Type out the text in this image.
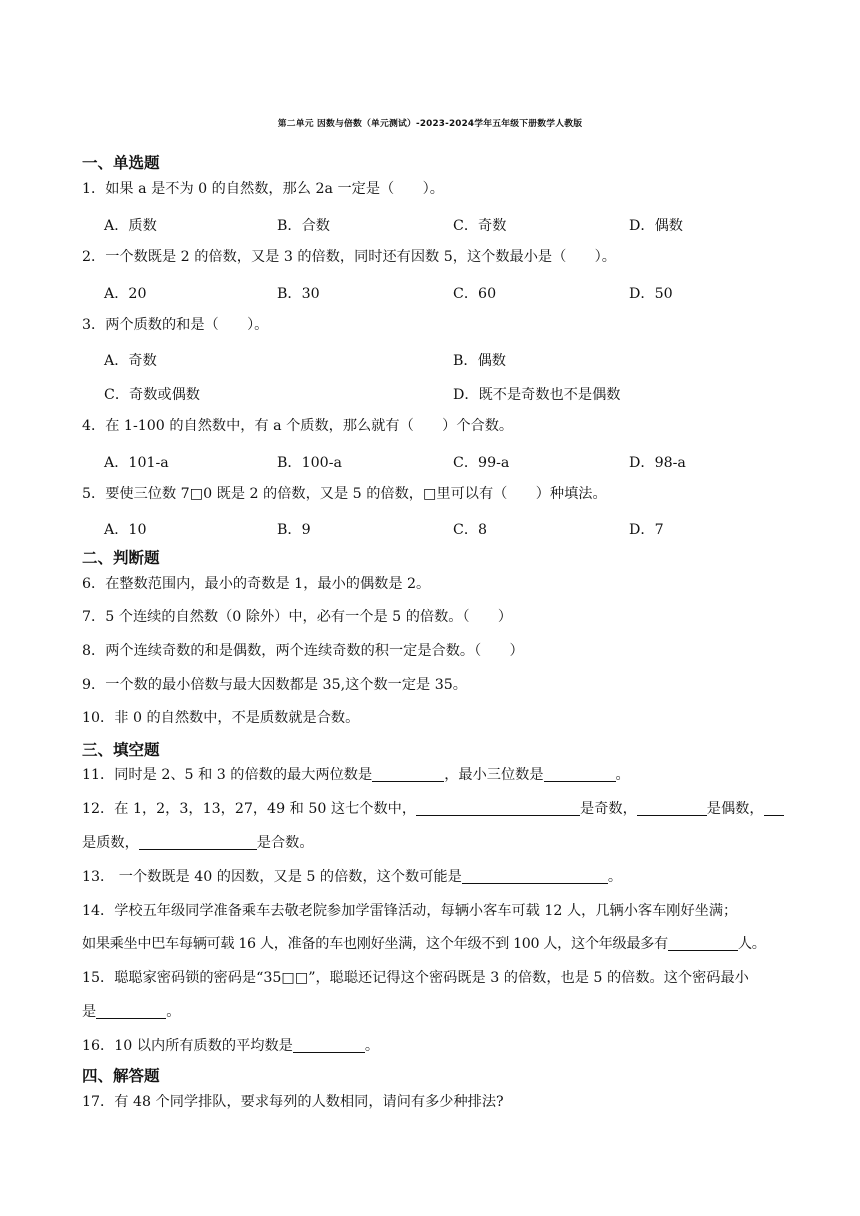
第二单元 因数与倍数（单元测试）-2023-2024学年五年级下册数学人教版
一、单选题
1．如果 a 是不为 0 的自然数，那么 2a 一定是（　　）。
A．质数	B．合数	C．奇数	D．偶数
2．一个数既是 2 的倍数，又是 3 的倍数，同时还有因数 5，这个数最小是（　　）。
A．20	B．30	C．60	D．50
3．两个质数的和是（　　）。
A．奇数	B．偶数
C．奇数或偶数	D．既不是奇数也不是偶数
4．在 1-100 的自然数中，有 a 个质数，那么就有（　　）个合数。
A．101-a	B．100-a	C．99-a	D．98-a
5．要使三位数 7□0 既是 2 的倍数，又是 5 的倍数，□里可以有（　　）种填法。
A．10	B．9	C．8	D．7
二、判断题
6．在整数范围内，最小的奇数是 1，最小的偶数是 2。
7．5 个连续的自然数（0 除外）中，必有一个是 5 的倍数。（　　）
8．两个连续奇数的和是偶数，两个连续奇数的积一定是合数。（　　）
9．一个数的最小倍数与最大因数都是 35,这个数一定是 35。
10．非 0 的自然数中，不是质数就是合数。
三、填空题
11．同时是 2、5 和 3 的倍数的最大两位数是	，最小三位数是	。
12．在 1，2，3，13，27，49 和 50 这七个数中，	是奇数，	是偶数，
是质数，	是合数。
13． 一个数既是 40 的因数，又是 5 的倍数，这个数可能是	。
14．学校五年级同学准备乘车去敬老院参加学雷锋活动，每辆小客车可载 12 人，几辆小客车刚好坐满；
如果乘坐中巴车每辆可载 16 人，准备的车也刚好坐满，这个年级不到 100 人，这个年级最多有	人。
15．聪聪家密码锁的密码是“35□□”，聪聪还记得这个密码既是 3 的倍数，也是 5 的倍数。这个密码最小
是	。
16．10 以内所有质数的平均数是	。
四、解答题
17．有 48 个同学排队，要求每列的人数相同，请问有多少种排法?
